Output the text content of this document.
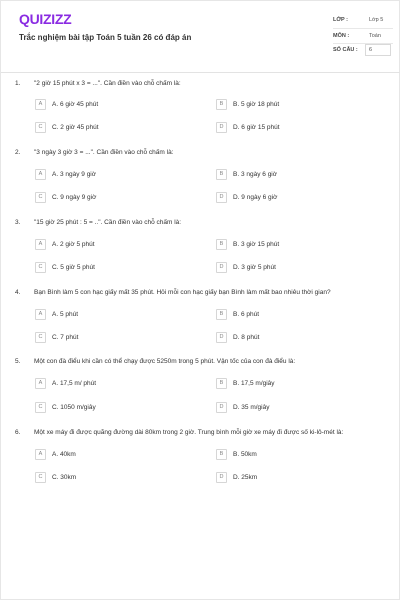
QUIZIZZ
Trắc nghiệm bài tập Toán 5 tuần 26 có đáp án
LỚP :	Lớp 5
MÔN :	Toán
SỐ CÂU : 6
1. "2 giờ 15 phút x 3 = ...". Cần điền vào chỗ chấm là:
A	A. 6 giờ 45 phút	B	B. 5 giờ 18 phút
C	C. 2 giờ 45 phút	D	D. 6 giờ 15 phút
2. "3 ngày 3 giờ 3 = ...". Cần điền vào chỗ chấm là:
A	A. 3 ngày 9 giờ	B	B. 3 ngày 6 giờ
C	C. 9 ngày 9 giờ	D	D. 9 ngày 6 giờ
3. "15 giờ 25 phút : 5 = ..". Cần điền vào chỗ chấm là:
A	A. 2 giờ 5 phút	B	B. 3 giờ 15 phút
C	C. 5 giờ 5 phút	D	D. 3 giờ 5 phút
4. Bạn Bình làm 5 con hạc giấy mất 35 phút. Hỏi mỗi con hạc giấy bạn Bình làm mất bao nhiêu thời gian?
A	A. 5 phút	B	B. 6 phút
C	C. 7 phút	D	D. 8 phút
5. Một con đà điểu khi cần có thể chạy được 5250m trong 5 phút. Vận tốc của con đà điểu là:
A	A. 17,5 m/ phút	B	B. 17,5 m/giây
C	C. 1050 m/giây	D	D. 35 m/giây
6. Một xe máy đi được quãng đường dài 80km trong 2 giờ. Trung bình mỗi giờ xe máy đi được số ki-lô-mét là:
A	A. 40km	B	B. 50km
C	C. 30km	D	D. 25km
